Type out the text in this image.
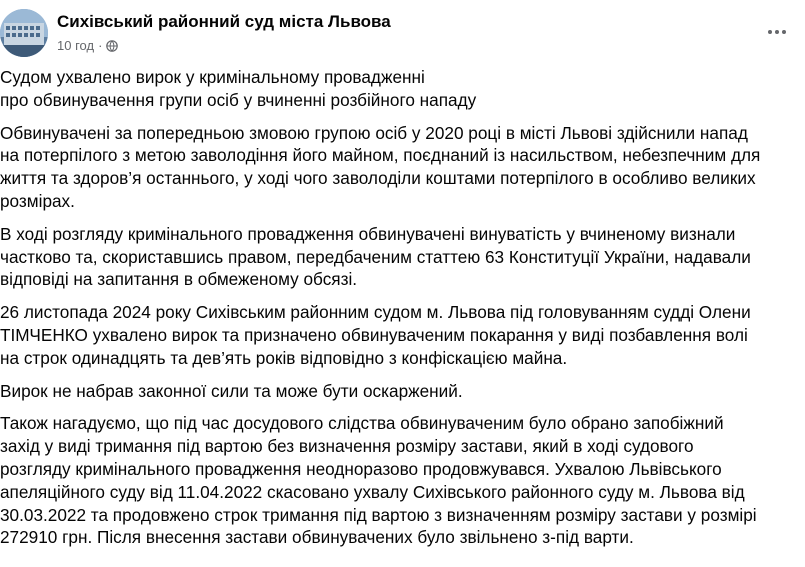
Сихівський районний суд міста Львова
10 год ·

Судом ухвалено вирок у кримінальному провадженні
про обвинувачення групи осіб у вчиненні розбійного нападу

Обвинувачені за попередньою змовою групою осіб у 2020 році в місті Львові здійснили напад
на потерпілого з метою заволодіння його майном, поєднаний із насильством, небезпечним для
життя та здоров’я останнього, у ході чого заволоділи коштами потерпілого в особливо великих
розмірах.

В ході розгляду кримінального провадження обвинувачені винуватість у вчиненому визнали
частково та, скориставшись правом, передбаченим статтею 63 Конституції України, надавали
відповіді на запитання в обмеженому обсязі.

26 листопада 2024 року Сихівським районним судом м. Львова під головуванням судді Олени
ТІМЧЕНКО ухвалено вирок та призначено обвинуваченим покарання у виді позбавлення волі
на строк одинадцять та дев’ять років відповідно з конфіскацією майна.

Вирок не набрав законної сили та може бути оскаржений.

Також нагадуємо, що під час досудового слідства обвинуваченим було обрано запобіжний
захід у виді тримання під вартою без визначення розміру застави, який в ході судового
розгляду кримінального провадження неодноразово продовжувався. Ухвалою Львівського
апеляційного суду від 11.04.2022 скасовано ухвалу Сихівського районного суду м. Львова від
30.03.2022 та продовжено строк тримання під вартою з визначенням розміру застави у розмірі
272910 грн. Після внесення застави обвинувачених було звільнено з-під варти.
